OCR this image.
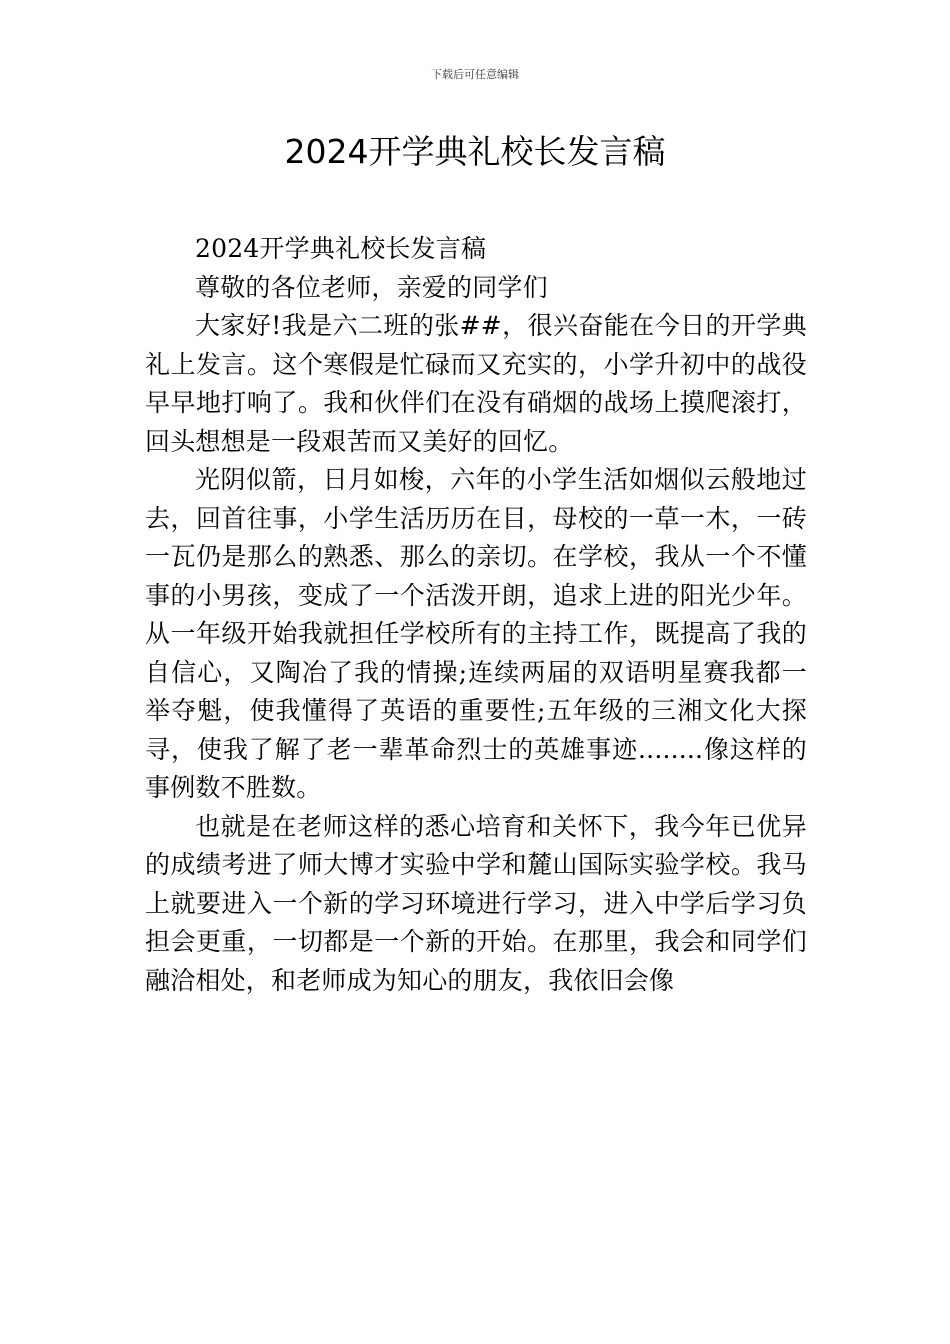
下载后可任意编辑
2024开学典礼校长发言稿

2024开学典礼校长发言稿

尊敬的各位老师，亲爱的同学们

大家好!我是六二班的张##，很兴奋能在今日的开学典礼上发言。这个寒假是忙碌而又充实的，小学升初中的战役早早地打响了。我和伙伴们在没有硝烟的战场上摸爬滚打，回头想想是一段艰苦而又美好的回忆。

光阴似箭，日月如梭，六年的小学生活如烟似云般地过去，回首往事，小学生活历历在目，母校的一草一木，一砖一瓦仍是那么的熟悉、那么的亲切。在学校，我从一个不懂事的小男孩，变成了一个活泼开朗，追求上进的阳光少年。从一年级开始我就担任学校所有的主持工作，既提高了我的自信心，又陶冶了我的情操;连续两届的双语明星赛我都一举夺魁，使我懂得了英语的重要性;五年级的三湘文化大探寻，使我了解了老一辈革命烈士的英雄事迹........像这样的事例数不胜数。

也就是在老师这样的悉心培育和关怀下，我今年已优异的成绩考进了师大博才实验中学和麓山国际实验学校。我马上就要进入一个新的学习环境进行学习，进入中学后学习负担会更重，一切都是一个新的开始。在那里，我会和同学们融洽相处，和老师成为知心的朋友，我依旧会像
